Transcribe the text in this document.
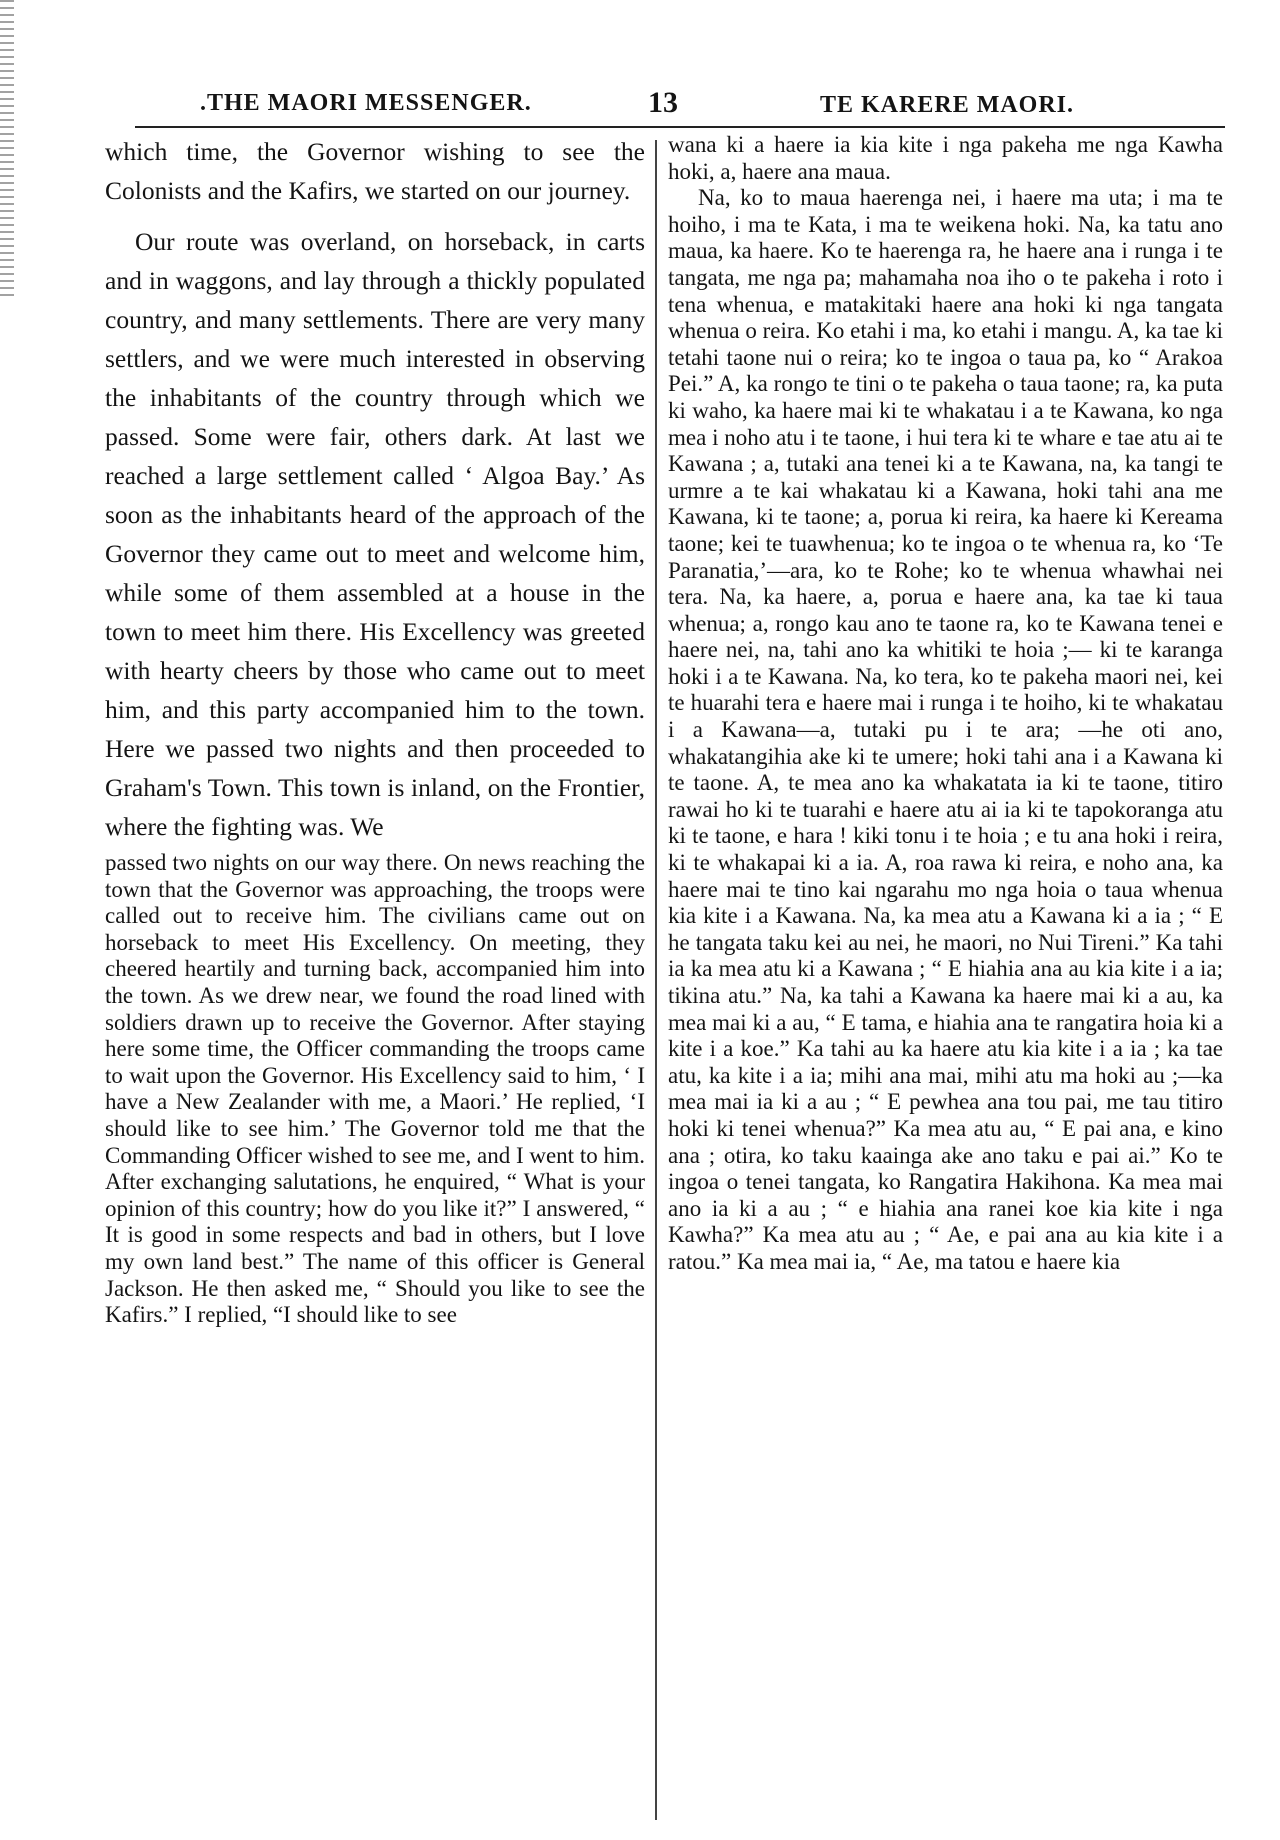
.THE MAORI MESSENGER.	13	TE KARERE MAORI.

which time, the Governor wishing to see the Colonists and the Kafirs, we started on our journey.

Our route was overland, on horseback, in carts and in waggons, and lay through a thickly populated country, and many settlements. There are very many settlers, and we were much interested in observing the inhabitants of the country through which we passed. Some were fair, others dark. At last we reached a large settlement called ‘ Algoa Bay.’ As soon as the inhabitants heard of the approach of the Governor they came out to meet and welcome him, while some of them assembled at a house in the town to meet him there. His Excellency was greeted with hearty cheers by those who came out to meet him, and this party accompanied him to the town. Here we passed two nights and then proceeded to Graham's Town. This town is inland, on the Frontier, where the fighting was. We

passed two nights on our way there. On news reaching the town that the Governor was approaching, the troops were called out to receive him. The civilians came out on horseback to meet His Excellency. On meeting, they cheered heartily and turning back, accompanied him into the town. As we drew near, we found the road lined with soldiers drawn up to receive the Governor. After staying here some time, the Officer commanding the troops came to wait upon the Governor. His Excellency said to him, ‘ I have a New Zealander with me, a Maori.’ He replied, ‘I should like to see him.’ The Governor told me that the Commanding Officer wished to see me, and I went to him. After exchanging salutations, he enquired, “ What is your opinion of this country; how do you like it?” I answered, “ It is good in some respects and bad in others, but I love my own land best.” The name of this officer is General Jackson. He then asked me, “ Should you like to see the Kafirs.” I replied, “I should like to see

wana ki a haere ia kia kite i nga pakeha me nga Kawha hoki, a, haere ana maua.

Na, ko to maua haerenga nei, i haere ma uta; i ma te hoiho, i ma te Kata, i ma te weikena hoki. Na, ka tatu ano maua, ka haere. Ko te haerenga ra, he haere ana i runga i te tangata, me nga pa; mahamaha noa iho o te pakeha i roto i tena whenua, e matakitaki haere ana hoki ki nga tangata whenua o reira. Ko etahi i ma, ko etahi i mangu. A, ka tae ki tetahi taone nui o reira; ko te ingoa o taua pa, ko “ Arakoa Pei.” A, ka rongo te tini o te pakeha o taua taone; ra, ka puta ki waho, ka haere mai ki te whakatau i a te Kawana, ko nga mea i noho atu i te taone, i hui tera ki te whare e tae atu ai te Kawana ; a, tutaki ana tenei ki a te Kawana, na, ka tangi te urmre a te kai whakatau ki a Kawana, hoki tahi ana me Kawana, ki te taone; a, porua ki reira, ka haere ki Kereama taone; kei te tuawhenua; ko te ingoa o te whenua ra, ko ‘Te Paranatia,’—ara, ko te Rohe; ko te whenua whawhai nei tera. Na, ka haere, a, porua e haere ana, ka tae ki taua whenua; a, rongo kau ano te taone ra, ko te Kawana tenei e haere nei, na, tahi ano ka whitiki te hoia ;— ki te karanga hoki i a te Kawana. Na, ko tera, ko te pakeha maori nei, kei te huarahi tera e haere mai i runga i te hoiho, ki te whakatau i a Kawana—a, tutaki pu i te ara; —he oti ano, whakatangihia ake ki te umere; hoki tahi ana i a Kawana ki te taone. A, te mea ano ka whakatata ia ki te taone, titiro rawai ho ki te tuarahi e haere atu ai ia ki te tapokoranga atu ki te taone, e hara ! kiki tonu i te hoia ; e tu ana hoki i reira, ki te whakapai ki a ia. A, roa rawa ki reira, e noho ana, ka haere mai te tino kai ngarahu mo nga hoia o taua whenua kia kite i a Kawana. Na, ka mea atu a Kawana ki a ia ; “ E he tangata taku kei au nei, he maori, no Nui Tireni.” Ka tahi ia ka mea atu ki a Kawana ; “ E hiahia ana au kia kite i a ia; tikina atu.” Na, ka tahi a Kawana ka haere mai ki a au, ka mea mai ki a au, “ E tama, e hiahia ana te rangatira hoia ki a kite i a koe.” Ka tahi au ka haere atu kia kite i a ia ; ka tae atu, ka kite i a ia; mihi ana mai, mihi atu ma hoki au ;—ka mea mai ia ki a au ; “ E pewhea ana tou pai, me tau titiro hoki ki tenei whenua?” Ka mea atu au, “ E pai ana, e kino ana ; otira, ko taku kaainga ake ano taku e pai ai.” Ko te ingoa o tenei tangata, ko Rangatira Hakihona. Ka mea mai ano ia ki a au ; “ e hiahia ana ranei koe kia kite i nga Kawha?” Ka mea atu au ; “ Ae, e pai ana au kia kite i a ratou.” Ka mea mai ia, “ Ae, ma tatou e haere kia
